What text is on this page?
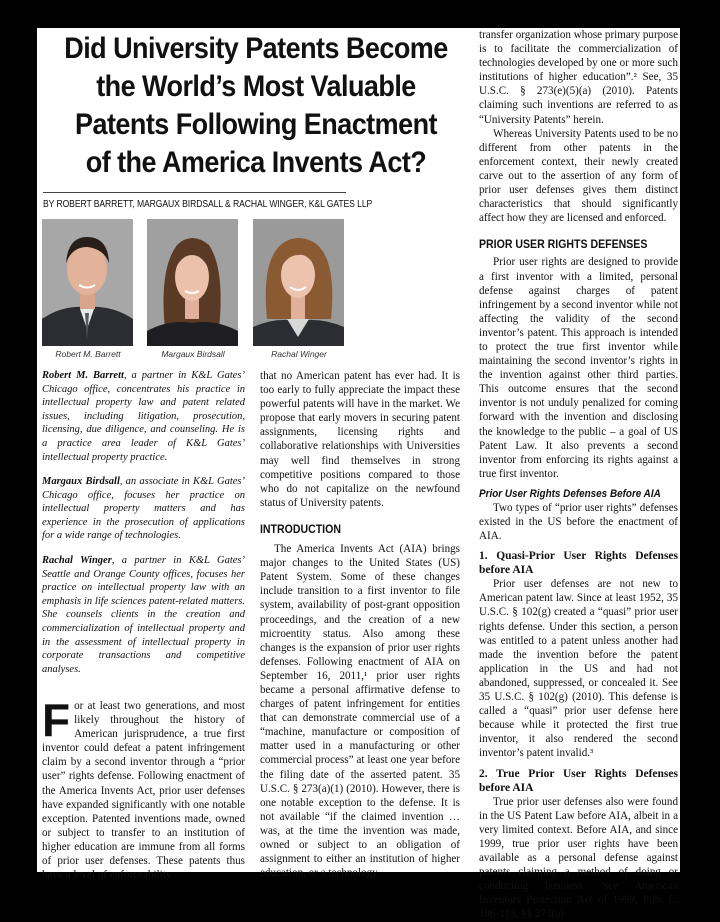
Did University Patents Become the World’s Most Valuable Patents Following Enactment of the America Invents Act?
BY ROBERT BARRETT, MARGAUX BIRDSALL & RACHAL WINGER, K&L GATES LLP
Robert M. Barrett	Margaux Birdsall	Rachal Winger
Robert M. Barrett, a partner in K&L Gates’ Chicago office, concentrates his practice in intellectual property law and patent related issues, including litigation, prosecution, licensing, due diligence, and counseling. He is a practice area leader of K&L Gates’ intellectual property practice.
Margaux Birdsall, an associate in K&L Gates’ Chicago office, focuses her practice on intellectual property matters and has experience in the prosecution of applications for a wide range of technologies.
Rachal Winger, a partner in K&L Gates’ Seattle and Orange County offices, focuses her practice on intellectual property law with an emphasis in life sciences patent-related matters. She counsels clients in the creation and commercialization of intellectual property and in the assessment of intellectual property in corporate transactions and competitive analyses.

For at least two generations, and most likely throughout the history of American jurisprudence, a true first inventor could defeat a patent infringement claim by a second inventor through a “prior user” rights defense. Following enactment of the America Invents Act, prior user defenses have expanded significantly with one notable exception. Patented inventions made, owned or subject to transfer to an institution of higher education are immune from all forms of prior user defenses. These patents thus have a level of enforceability

that no American patent has ever had. It is too early to fully appreciate the impact these powerful patents will have in the market. We propose that early movers in securing patent assignments, licensing rights and collaborative relationships with Universities may well find themselves in strong competitive positions compared to those who do not capitalize on the newfound status of University patents.

INTRODUCTION

The America Invents Act (AIA) brings major changes to the United States (US) Patent System. Some of these changes include transition to a first inventor to file system, availability of post-grant opposition proceedings, and the creation of a new microentity status. Also among these changes is the expansion of prior user rights defenses. Following enactment of AIA on September 16, 2011,¹ prior user rights became a personal affirmative defense to charges of patent infringement for entities that can demonstrate commercial use of a “machine, manufacture or composition of matter used in a manufacturing or other commercial process” at least one year before the filing date of the asserted patent. 35 U.S.C. § 273(a)(1) (2010). However, there is one notable exception to the defense. It is not available “if the claimed invention … was, at the time the invention was made, owned or subject to an obligation of assignment to either an institution of higher education, or a technology

transfer organization whose primary purpose is to facilitate the commercialization of technologies developed by one or more such institutions of higher education”.² See, 35 U.S.C. § 273(e)(5)(a) (2010). Patents claiming such inventions are referred to as “University Patents” herein.

Whereas University Patents used to be no different from other patents in the enforcement context, their newly created carve out to the assertion of any form of prior user defenses gives them distinct characteristics that should significantly affect how they are licensed and enforced.

PRIOR USER RIGHTS DEFENSES

Prior user rights are designed to provide a first inventor with a limited, personal defense against charges of patent infringement by a second inventor while not affecting the validity of the second inventor’s patent. This approach is intended to protect the true first inventor while maintaining the second inventor’s rights in the invention against other third parties. This outcome ensures that the second inventor is not unduly penalized for coming forward with the invention and disclosing the knowledge to the public – a goal of US Patent Law. It also prevents a second inventor from enforcing its rights against a true first inventor.

Prior User Rights Defenses Before AIA

Two types of “prior user rights” defenses existed in the US before the enactment of AIA.

1. Quasi-Prior User Rights Defenses before AIA

Prior user defenses are not new to American patent law. Since at least 1952, 35 U.S.C. § 102(g) created a “quasi” prior user rights defense. Under this section, a person was entitled to a patent unless another had made the invention before the patent application in the US and had not abandoned, suppressed, or concealed it. See 35 U.S.C. § 102(g) (2010). This defense is called a “quasi” prior user defense here because while it protected the first true inventor, it also rendered the second inventor’s patent invalid.³

2. True Prior User Rights Defenses before AIA

True prior user defenses also were found in the US Patent Law before AIA, albeit in a very limited context. Before AIA, and since 1999, true prior user rights have been available as a personal defense against patents claiming a method of doing or conducting business. See American Inventors Protection Act of 1999, Pub. L. 106-113, §§ 273(a)
